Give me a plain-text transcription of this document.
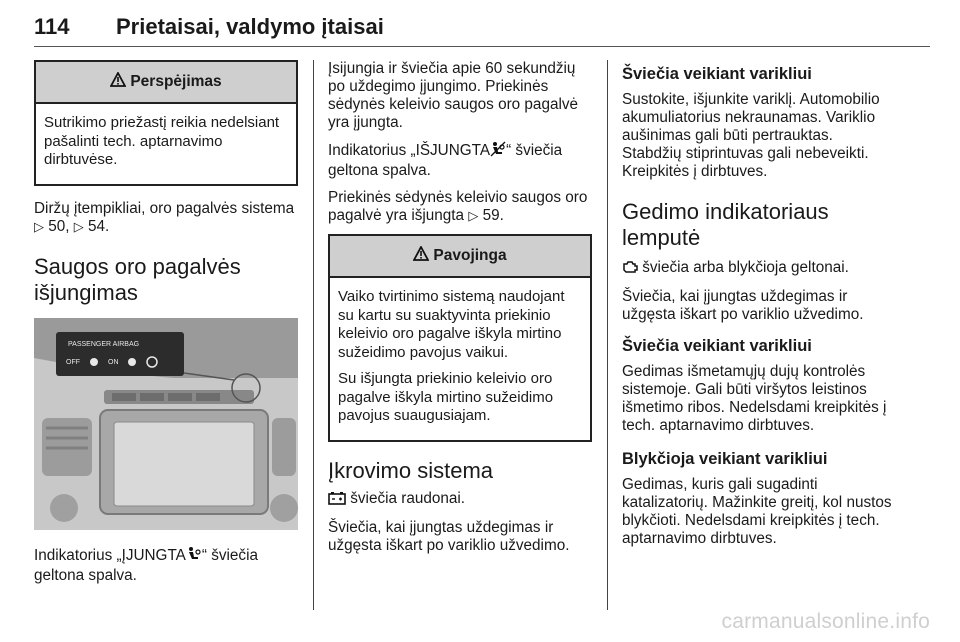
114 Prietaisai, valdymo įtaisai
Perspėjimas

Sutrikimo priežastį reikia nedelsiant pašalinti tech. aptarnavimo dirbtuvėse.

Diržų įtempikliai, oro pagalvės sistema ▷ 50, ▷ 54.

Saugos oro pagalvės išjungimas
PASSENGER AIRBAG
OFF	ON

Indikatorius „ĮJUNGTA “ šviečia geltona spalva.

Įsijungia ir šviečia apie 60 sekundžių po uždegimo įjungimo. Priekinės sėdynės keleivio saugos oro pagalvė yra įjungta.

Indikatorius „IŠJUNGTA “ šviečia geltona spalva.

Priekinės sėdynės keleivio saugos oro pagalvė yra išjungta ▷ 59.

Pavojinga

Vaiko tvirtinimo sistemą naudojant su kartu su suaktyvinta priekinio keleivio oro pagalve iškyla mirtino sužeidimo pavojus vaikui.

Su išjungta priekinio keleivio oro pagalve iškyla mirtino sužeidimo pavojus suaugusiajam.

Įkrovimo sistema

šviečia raudonai.

Šviečia, kai įjungtas uždegimas ir užgęsta iškart po variklio užvedimo.

Šviečia veikiant varikliui

Sustokite, išjunkite variklį. Automobilio akumuliatorius nekraunamas. Variklio aušinimas gali būti pertrauktas. Stabdžių stiprintuvas gali nebeveikti. Kreipkitės į dirbtuves.

Gedimo indikatoriaus lemputė

šviečia arba blykčioja geltonai.

Šviečia, kai įjungtas uždegimas ir užgęsta iškart po variklio užvedimo.

Šviečia veikiant varikliui

Gedimas išmetamųjų dujų kontrolės sistemoje. Gali būti viršytos leistinos išmetimo ribos. Nedelsdami kreipkitės į tech. aptarnavimo dirbtuves.

Blykčioja veikiant varikliui

Gedimas, kuris gali sugadinti katalizatorių. Mažinkite greitį, kol nustos blykčioti. Nedelsdami kreipkitės į tech. aptarnavimo dirbtuves.

carmanualsonline.info
